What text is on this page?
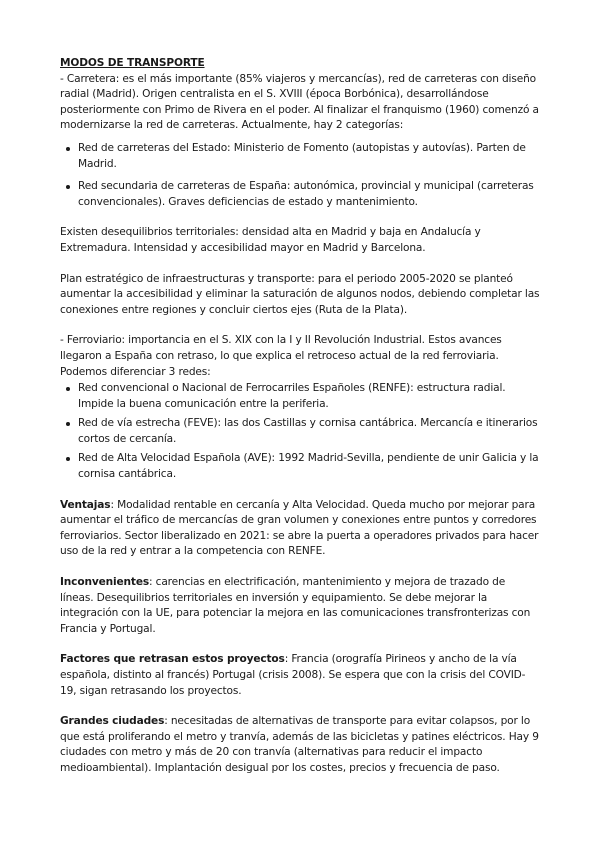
MODOS DE TRANSPORTE

- Carretera: es el más importante (85% viajeros y mercancías), red de carreteras con diseño radial (Madrid). Origen centralista en el S. XVIII (época Borbónica), desarrollándose posteriormente con Primo de Rivera en el poder. Al finalizar el franquismo (1960) comenzó a modernizarse la red de carreteras. Actualmente, hay 2 categorías:

Red de carreteras del Estado: Ministerio de Fomento (autopistas y autovías). Parten de Madrid.
Red secundaria de carreteras de España: autonómica, provincial y municipal (carreteras convencionales). Graves deficiencias de estado y mantenimiento.

Existen desequilibrios territoriales: densidad alta en Madrid y baja en Andalucía y Extremadura. Intensidad y accesibilidad mayor en Madrid y Barcelona.

Plan estratégico de infraestructuras y transporte: para el periodo 2005-2020 se planteó aumentar la accesibilidad y eliminar la saturación de algunos nodos, debiendo completar las conexiones entre regiones y concluir ciertos ejes (Ruta de la Plata).

- Ferroviario: importancia en el S. XIX con la I y II Revolución Industrial. Estos avances llegaron a España con retraso, lo que explica el retroceso actual de la red ferroviaria. Podemos diferenciar 3 redes:

Red convencional o Nacional de Ferrocarriles Españoles (RENFE): estructura radial. Impide la buena comunicación entre la periferia.
Red de vía estrecha (FEVE): las dos Castillas y cornisa cantábrica. Mercancía e itinerarios cortos de cercanía.
Red de Alta Velocidad Española (AVE): 1992 Madrid-Sevilla, pendiente de unir Galicia y la cornisa cantábrica.

Ventajas: Modalidad rentable en cercanía y Alta Velocidad. Queda mucho por mejorar para aumentar el tráfico de mercancías de gran volumen y conexiones entre puntos y corredores ferroviarios. Sector liberalizado en 2021: se abre la puerta a operadores privados para hacer uso de la red y entrar a la competencia con RENFE.

Inconvenientes: carencias en electrificación, mantenimiento y mejora de trazado de líneas. Desequilibrios territoriales en inversión y equipamiento. Se debe mejorar la integración con la UE, para potenciar la mejora en las comunicaciones transfronterizas con Francia y Portugal.

Factores que retrasan estos proyectos: Francia (orografía Pirineos y ancho de la vía española, distinto al francés) Portugal (crisis 2008). Se espera que con la crisis del COVID-19, sigan retrasando los proyectos.

Grandes ciudades: necesitadas de alternativas de transporte para evitar colapsos, por lo que está proliferando el metro y tranvía, además de las bicicletas y patines eléctricos. Hay 9 ciudades con metro y más de 20 con tranvía (alternativas para reducir el impacto medioambiental). Implantación desigual por los costes, precios y frecuencia de paso.
